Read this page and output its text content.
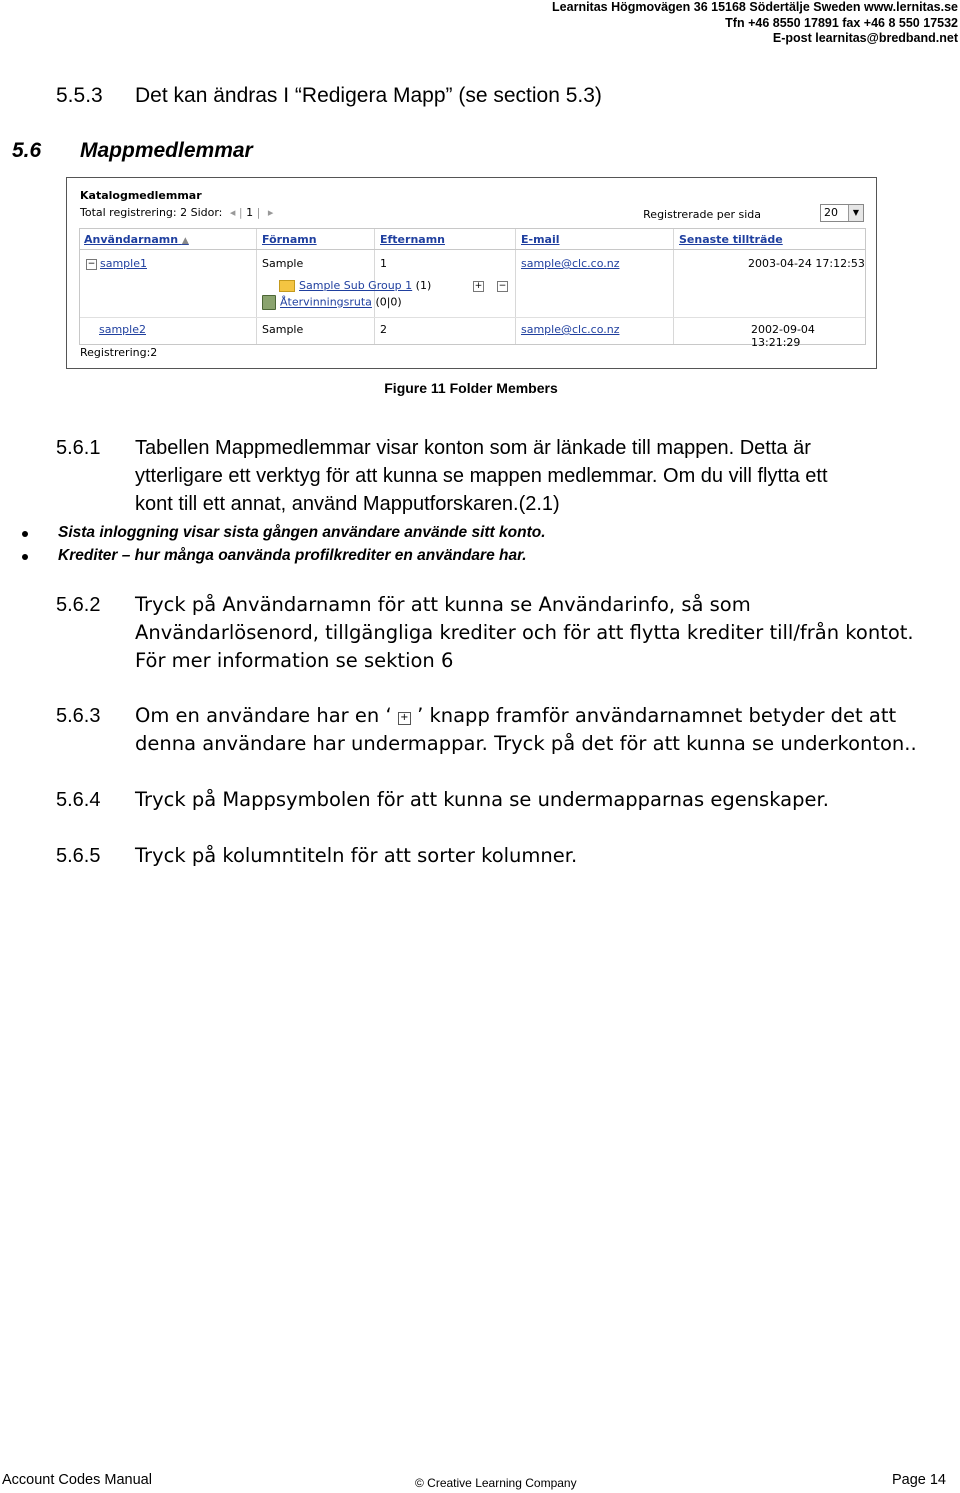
Learnitas Högmovägen 36 15168 Södertälje Sweden www.lernitas.se
Tfn +46 8550 17891 fax +46 8 550 17532
E-post learnitas@bredband.net
5.5.3 Det kan ändras I “Redigera Mapp” (se section 5.3)
5.6 Mappmedlemmar
Katalogmedlemmar
Total registrering: 2 Sidor: ◂ | 1 | ▸	Registrerade per sida	20	▼
Användarnamn ▲	Förnamn	Efternamn	E-mail	Senaste tillträde
− sample1	Sample	1	sample@clc.co.nz	2003-04-24 17:12:53
Sample Sub Group 1 (1)	+	−
Återvinningsruta (0|0)
sample2	Sample	2	sample@clc.co.nz	2002-09-04 13:21:29
Registrering:2
Figure 11 Folder Members
5.6.1 Tabellen Mappmedlemmar visar konton som är länkade till mappen. Detta är
ytterligare ett verktyg för att kunna se mappen medlemmar. Om du vill flytta ett
kont till ett annat, använd Mapputforskaren.(2.1)
Sista inloggning visar sista gången användare använde sitt konto.
Krediter – hur många oanvända profilkrediter en användare har.
5.6.2 Tryck på Användarnamn för att kunna se Användarinfo, så som
Användarlösenord, tillgängliga krediter och för att flytta krediter till/från kontot.
För mer information se sektion 6
5.6.3 Om en användare har en ‘ + ’ knapp framför användarnamnet betyder det att
denna användare har undermappar. Tryck på det för att kunna se underkonton..
5.6.4 Tryck på Mappsymbolen för att kunna se undermapparnas egenskaper.
5.6.5 Tryck på kolumntiteln för att sorter kolumner.
Account Codes Manual	© Creative Learning Company	Page 14
